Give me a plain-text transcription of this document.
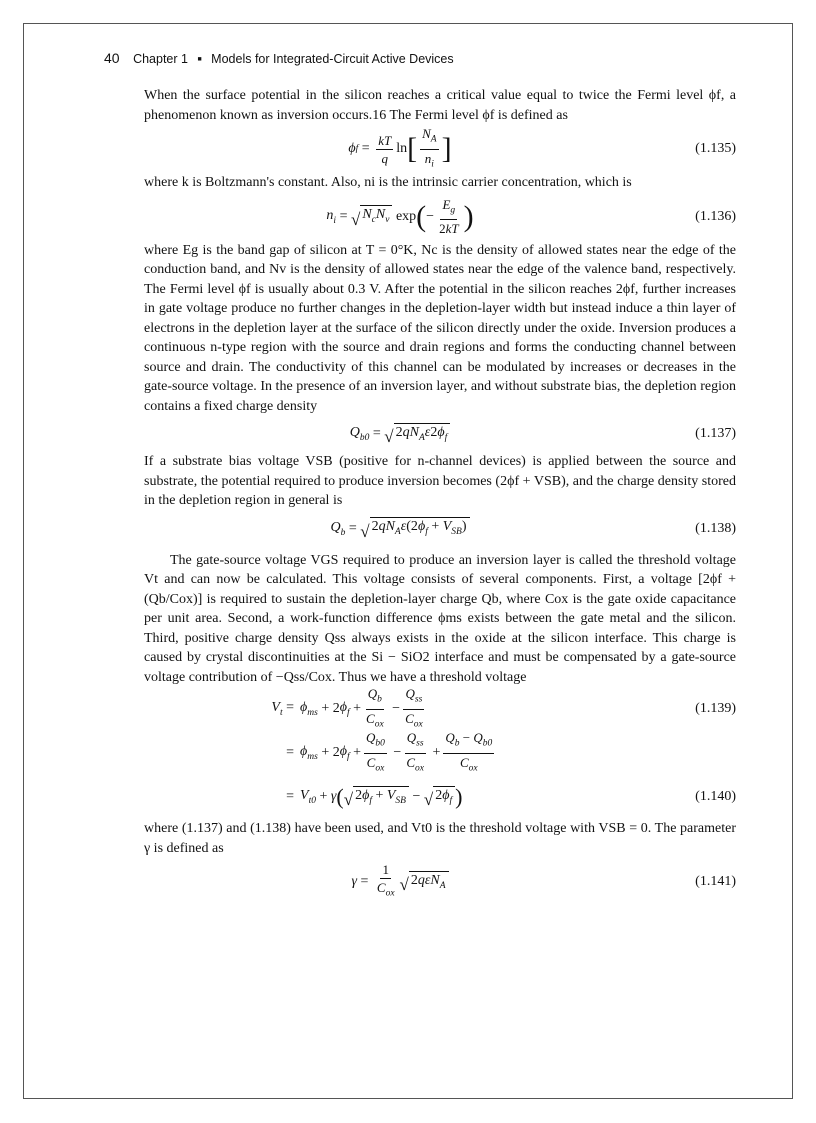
40 Chapter 1 ■ Models for Integrated-Circuit Active Devices

When the surface potential in the silicon reaches a critical value equal to twice the Fermi level ϕf, a phenomenon known as inversion occurs.16 The Fermi level ϕf is defined as

ϕ $f = \frac{kT}{q}$ ln [ $\frac{N_A}{n_i}$ ]	(1.135)

where k is Boltzmann's constant. Also, ni is the intrinsic carrier concentration, which is

$n_i$ = √ $N_cN_v$ exp ( − $\frac{E_g}{2kT}$ )	(1.136)

where Eg is the band gap of silicon at T = 0°K, Nc is the density of allowed states near the edge of the conduction band, and Nv is the density of allowed states near the edge of the valence band, respectively. The Fermi level ϕf is usually about 0.3 V. After the potential in the silicon reaches 2ϕf, further increases in gate voltage produce no further changes in the depletion-layer width but instead induce a thin layer of electrons in the depletion layer at the surface of the silicon directly under the oxide. Inversion produces a continuous n-type region with the source and drain regions and forms the conducting channel between source and drain. The conductivity of this channel can be modulated by increases or decreases in the gate-source voltage. In the presence of an inversion layer, and without substrate bias, the depletion region contains a fixed charge density

$Q_{b0}$ = √ $2qN_A\varepsilon 2\phi_f$	(1.137)

If a substrate bias voltage VSB (positive for n-channel devices) is applied between the source and substrate, the potential required to produce inversion becomes (2ϕf + VSB), and the charge density stored in the depletion region in general is

$Q_b$ = √ $2qN_A\varepsilon(2\phi_f + V_{SB})$	(1.138)

The gate-source voltage VGS required to produce an inversion layer is called the threshold voltage Vt and can now be calculated. This voltage consists of several components. First, a voltage [2ϕf + (Qb/Cox)] is required to sustain the depletion-layer charge Qb, where Cox is the gate oxide capacitance per unit area. Second, a work-function difference ϕms exists between the gate metal and the silicon. Third, positive charge density Qss always exists in the oxide at the silicon interface. This charge is caused by crystal discontinuities at the Si − SiO2 interface and must be compensated by a gate-source voltage contribution of −Qss/Cox. Thus we have a threshold voltage

$V_t = \phi_{ms} + 2$ $\phi_f + \frac{Q_b}{C_{ox}} - \frac{Q_{ss}}{C_{ox}}$	(1.139)
= $\phi_{ms} + 2$ $\phi_f + \frac{Q_{b0}}{C_{ox}} - \frac{Q_{ss}}{C_{ox}} + \frac{Q_b - Q_{b0}}{C_{ox}}$
= $V_{t0} + \gamma$ ( √ $2\phi_f + V_{SB}$ − √ $2\phi_f$ )	(1.140)

where (1.137) and (1.138) have been used, and Vt0 is the threshold voltage with VSB = 0. The parameter γ is defined as

$\gamma = \frac{1}{C_{ox}}$ √ 2qεN$_A$	(1.141)
